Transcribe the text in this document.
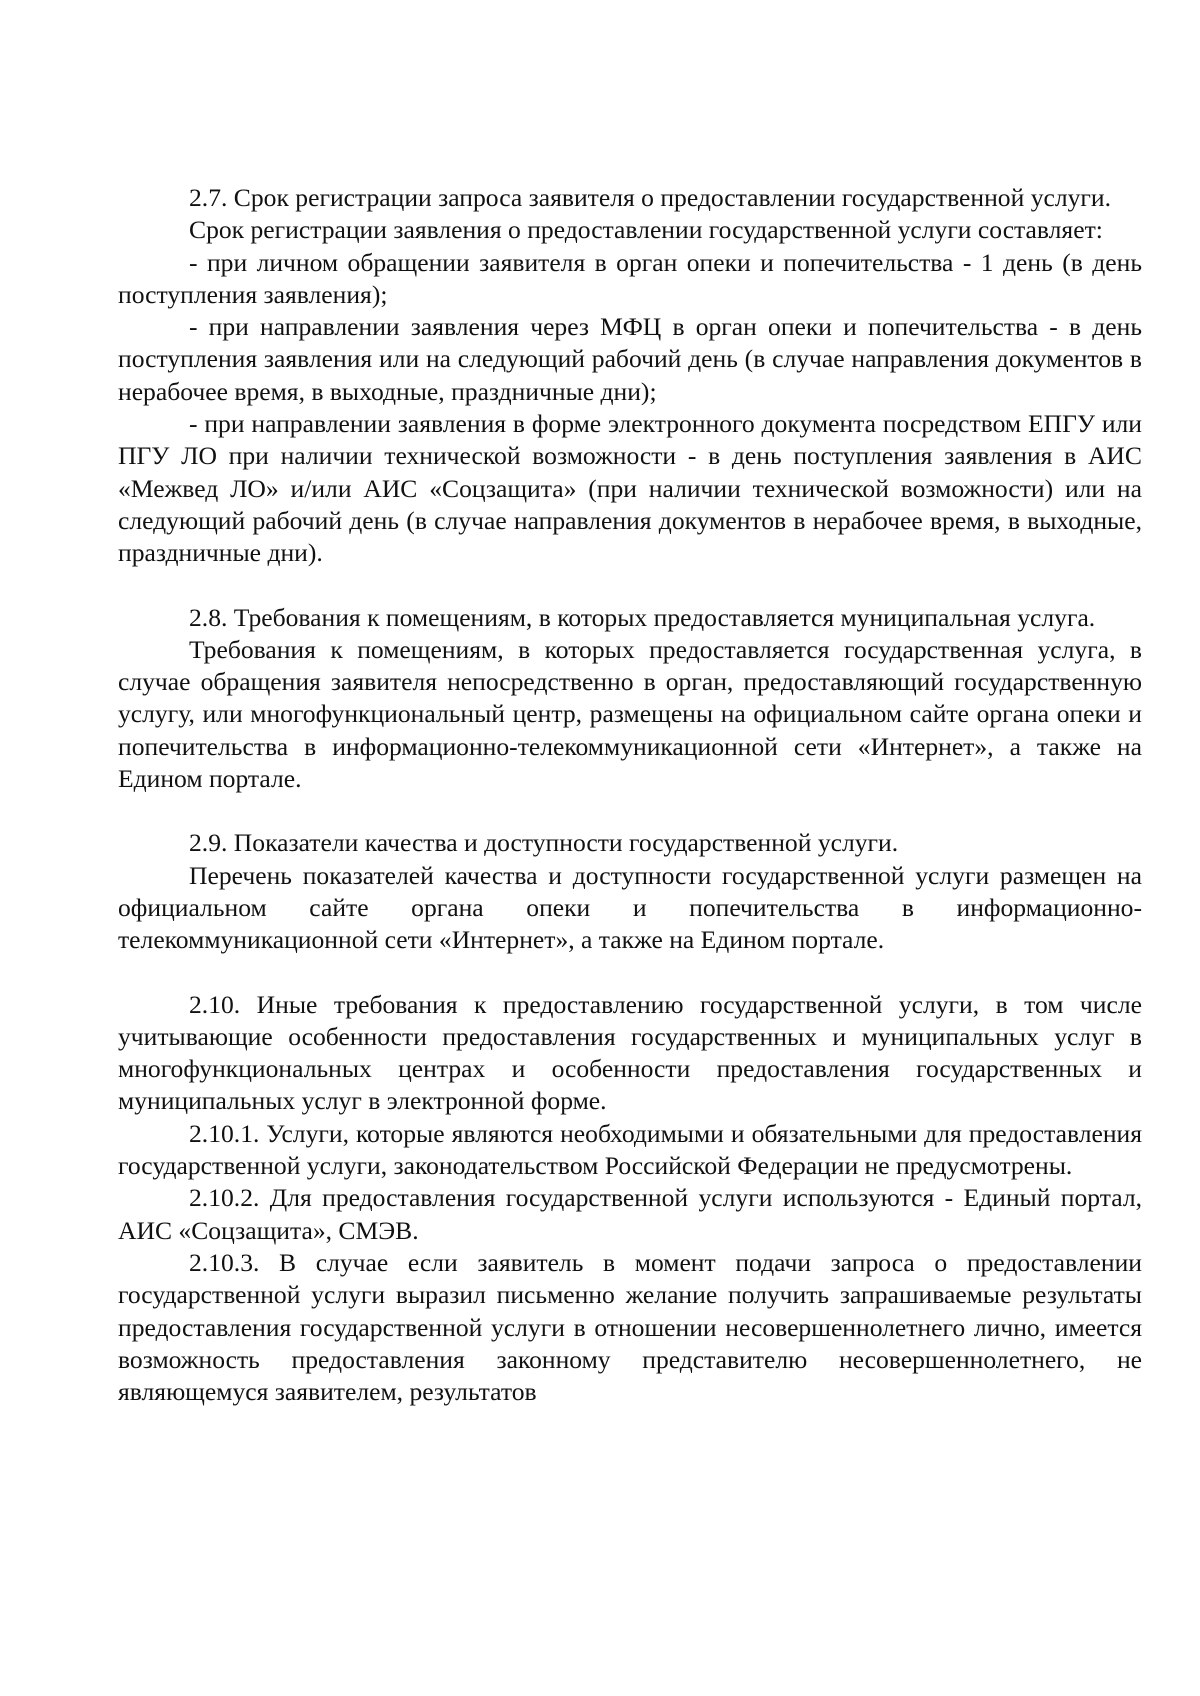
2.7. Срок регистрации запроса заявителя о предоставлении государственной услуги.

Срок регистрации заявления о предоставлении государственной услуги составляет:

- при личном обращении заявителя в орган опеки и попечительства - 1 день (в день поступления заявления);

- при направлении заявления через МФЦ в орган опеки и попечительства - в день поступления заявления или на следующий рабочий день (в случае направления документов в нерабочее время, в выходные, праздничные дни);

- при направлении заявления в форме электронного документа посредством ЕПГУ или ПГУ ЛО при наличии технической возможности - в день поступления заявления в АИС «Межвед ЛО» и/или АИС «Соцзащита» (при наличии технической возможности) или на следующий рабочий день (в случае направления документов в нерабочее время, в выходные, праздничные дни).

2.8. Требования к помещениям, в которых предоставляется муниципальная услуга.

Требования к помещениям, в которых предоставляется государственная услуга, в случае обращения заявителя непосредственно в орган, предоставляющий государственную услугу, или многофункциональный центр, размещены на официальном сайте органа опеки и попечительства в информационно-телекоммуникационной сети «Интернет», а также на Едином портале.

2.9. Показатели качества и доступности государственной услуги.

Перечень показателей качества и доступности государственной услуги размещен на официальном сайте органа опеки и попечительства в информационно-телекоммуникационной сети «Интернет», а также на Едином портале.

2.10. Иные требования к предоставлению государственной услуги, в том числе учитывающие особенности предоставления государственных и муниципальных услуг в многофункциональных центрах и особенности предоставления государственных и муниципальных услуг в электронной форме.

2.10.1. Услуги, которые являются необходимыми и обязательными для предоставления государственной услуги, законодательством Российской Федерации не предусмотрены.

2.10.2. Для предоставления государственной услуги используются - Единый портал, АИС «Соцзащита», СМЭВ.

2.10.3. В случае если заявитель в момент подачи запроса о предоставлении государственной услуги выразил письменно желание получить запрашиваемые результаты предоставления государственной услуги в отношении несовершеннолетнего лично, имеется возможность предоставления законному представителю несовершеннолетнего, не являющемуся заявителем, результатов
